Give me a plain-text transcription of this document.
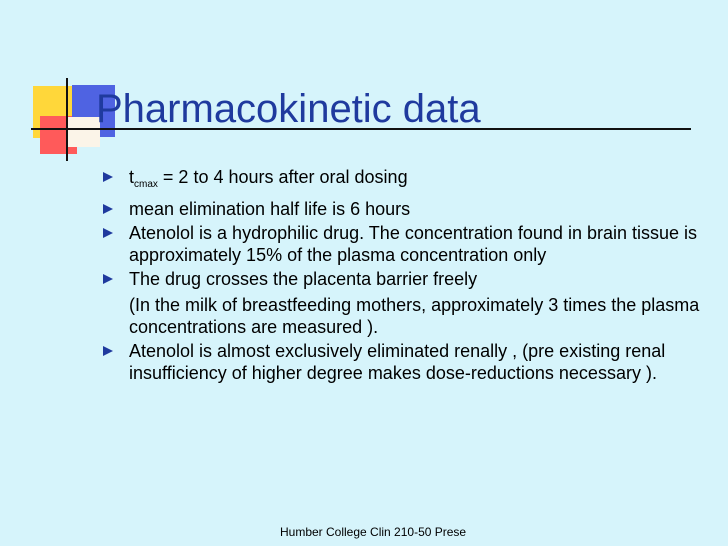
Pharmacokinetic data
$t_{cmax} = 2$ to 4 hours after oral dosing
mean elimination half life is 6 hours
Atenolol is a hydrophilic drug. The concentration found in brain tissue is approximately 15% of the plasma concentration only
The drug crosses the placenta barrier freely
(In the milk of breastfeeding mothers, approximately 3 times the plasma concentrations are measured ).
Atenolol is almost exclusively eliminated renally , (pre existing renal insufficiency of higher degree makes dose-reductions necessary ).
Humber College Clin 210-50 Prese
